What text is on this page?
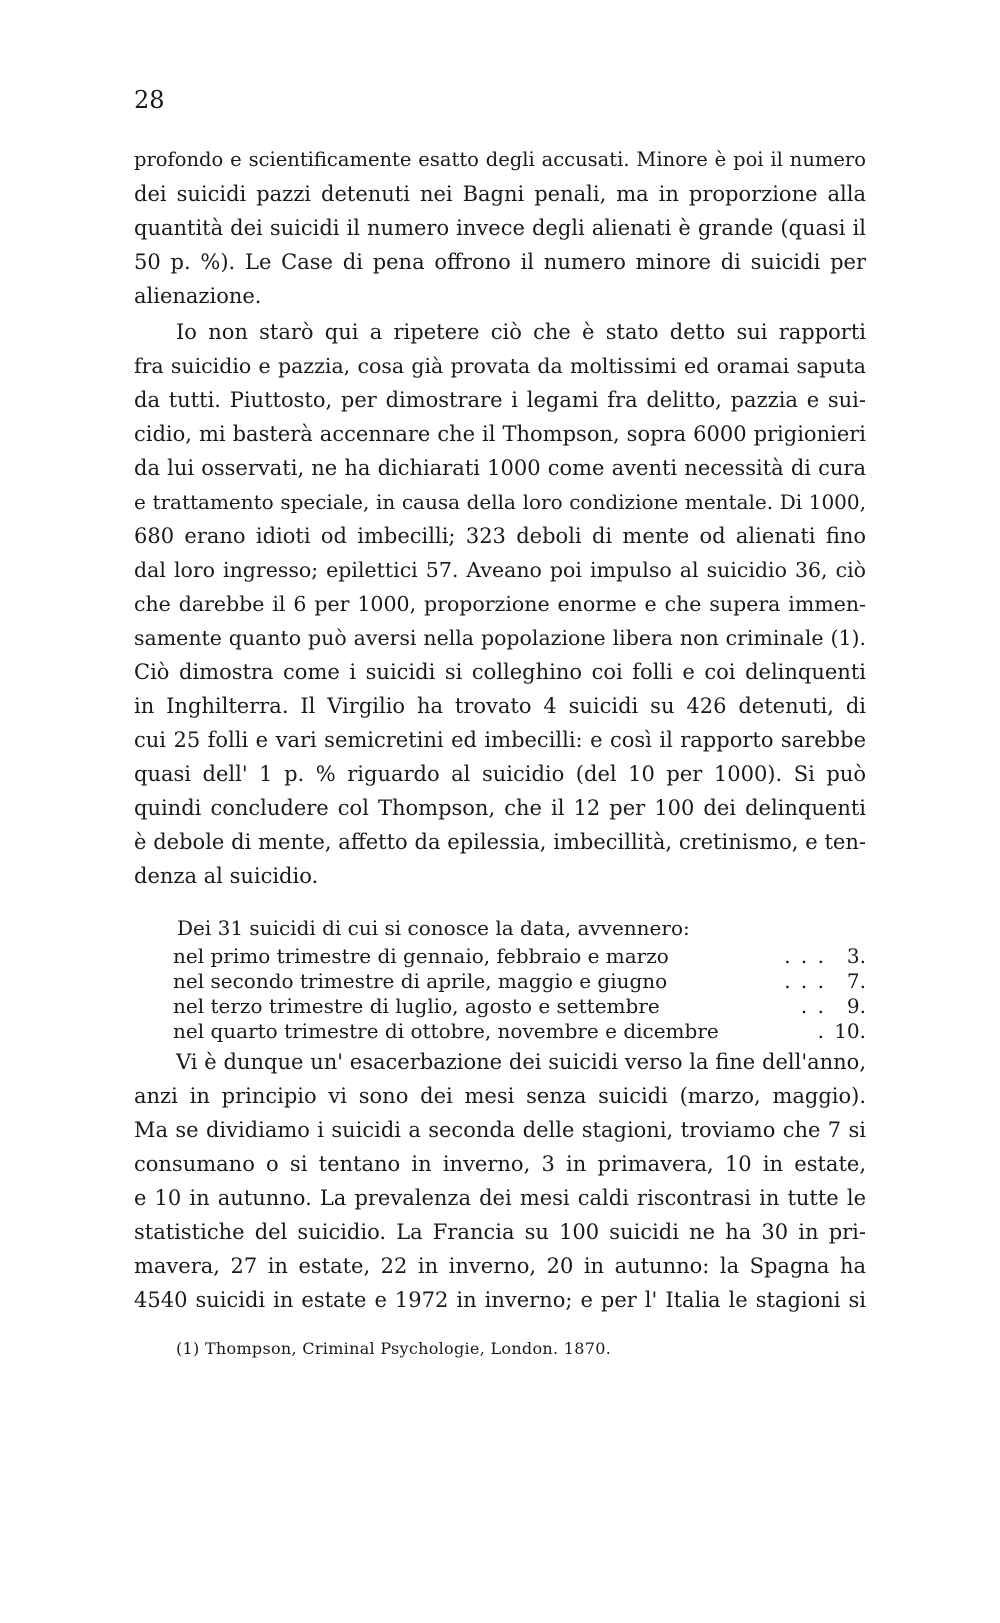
28
profondo e scientificamente esatto degli accusati. Minore è poi il numero
dei suicidi pazzi detenuti nei Bagni penali, ma in proporzione alla
quantità dei suicidi il numero invece degli alienati è grande (quasi il
50 p. %). Le Case di pena offrono il numero minore di suicidi per
alienazione.
Io non starò qui a ripetere ciò che è stato detto sui rapporti
fra suicidio e pazzia, cosa già provata da moltissimi ed oramai saputa
da tutti. Piuttosto, per dimostrare i legami fra delitto, pazzia e sui-
cidio, mi basterà accennare che il Thompson, sopra 6000 prigionieri
da lui osservati, ne ha dichiarati 1000 come aventi necessità di cura
e trattamento speciale, in causa della loro condizione mentale. Di 1000,
680 erano idioti od imbecilli; 323 deboli di mente od alienati fino
dal loro ingresso; epilettici 57. Aveano poi impulso al suicidio 36, ciò
che darebbe il 6 per 1000, proporzione enorme e che supera immen-
samente quanto può aversi nella popolazione libera non criminale (1).
Ciò dimostra come i suicidi si colleghino coi folli e coi delinquenti
in Inghilterra. Il Virgilio ha trovato 4 suicidi su 426 detenuti, di
cui 25 folli e vari semicretini ed imbecilli: e così il rapporto sarebbe
quasi dell' 1 p. % riguardo al suicidio (del 10 per 1000). Si può
quindi concludere col Thompson, che il 12 per 100 dei delinquenti
è debole di mente, affetto da epilessia, imbecillità, cretinismo, e ten-
denza al suicidio.
Dei 31 suicidi di cui si conosce la data, avvennero:
nel primo trimestre di gennaio, febbraio e marzo	. . .	3.
nel secondo trimestre di aprile, maggio e giugno	. . .	7.
nel terzo trimestre di luglio, agosto e settembre	. .	9.
nel quarto trimestre di ottobre, novembre e dicembre	. 10.
Vi è dunque un' esacerbazione dei suicidi verso la fine dell'anno,
anzi in principio vi sono dei mesi senza suicidi (marzo, maggio).
Ma se dividiamo i suicidi a seconda delle stagioni, troviamo che 7 si
consumano o si tentano in inverno, 3 in primavera, 10 in estate,
e 10 in autunno. La prevalenza dei mesi caldi riscontrasi in tutte le
statistiche del suicidio. La Francia su 100 suicidi ne ha 30 in pri-
mavera, 27 in estate, 22 in inverno, 20 in autunno: la Spagna ha
4540 suicidi in estate e 1972 in inverno; e per l' Italia le stagioni si
(1) Thompson, Criminal Psychologie, London. 1870.
